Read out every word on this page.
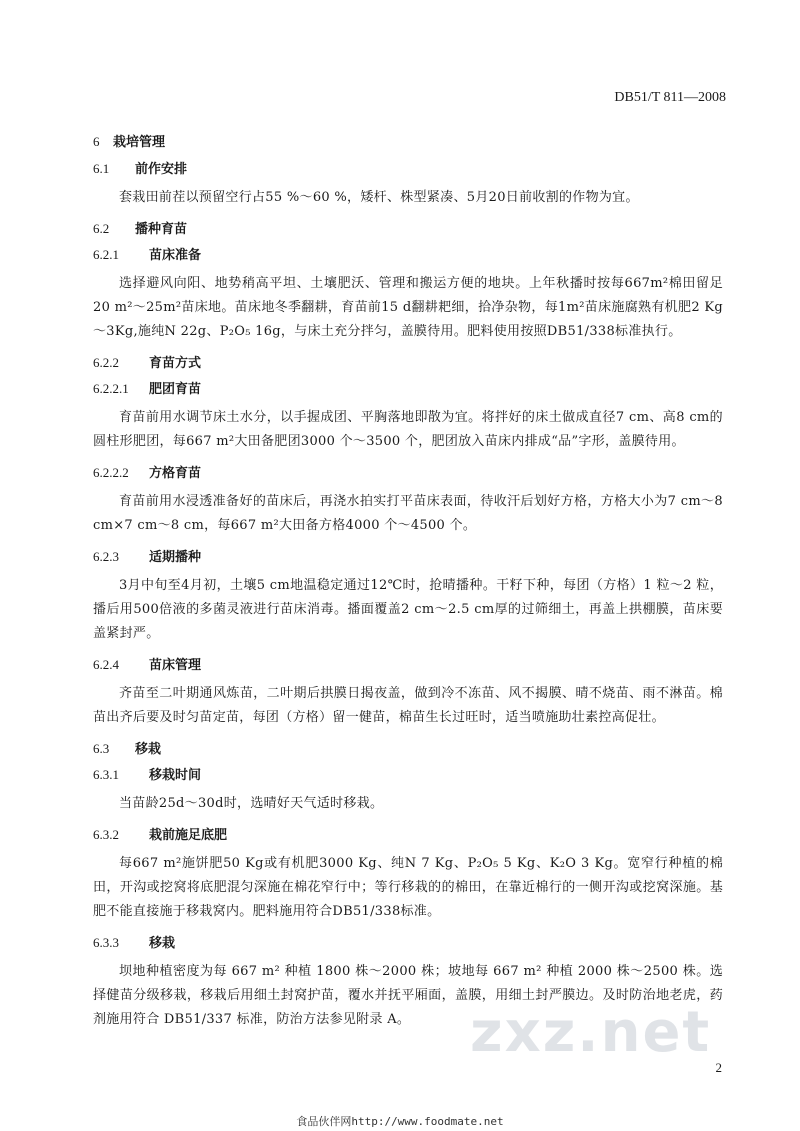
DB51/T 811—2008
6 栽培管理
6.1 前作安排

套栽田前茬以预留空行占55 %～60 %，矮杆、株型紧凑、5月20日前收割的作物为宜。

6.2 播种育苗
6.2.1 苗床准备

选择避风向阳、地势稍高平坦、土壤肥沃、管理和搬运方便的地块。上年秋播时按每667m²棉田留足20 m²～25m²苗床地。苗床地冬季翻耕，育苗前15 d翻耕耙细，拾净杂物，每1m²苗床施腐熟有机肥2 Kg～3Kg,施纯N 22g、P₂O₅ 16g，与床土充分拌匀，盖膜待用。肥料使用按照DB51/338标准执行。

6.2.2 育苗方式
6.2.2.1 肥团育苗

育苗前用水调节床土水分，以手握成团、平胸落地即散为宜。将拌好的床土做成直径7 cm、高8 cm的圆柱形肥团，每667 m²大田备肥团3000 个～3500 个，肥团放入苗床内排成“品”字形，盖膜待用。

6.2.2.2 方格育苗

育苗前用水浸透准备好的苗床后，再浇水拍实打平苗床表面，待收汗后划好方格，方格大小为7 cm～8 cm×7 cm～8 cm，每667 m²大田备方格4000 个～4500 个。

6.2.3 适期播种

3月中旬至4月初，土壤5 cm地温稳定通过12℃时，抢晴播种。干籽下种，每团（方格）1 粒～2 粒，播后用500倍液的多菌灵液进行苗床消毒。播面覆盖2 cm～2.5 cm厚的过筛细土，再盖上拱棚膜，苗床要盖紧封严。

6.2.4 苗床管理

齐苗至二叶期通风炼苗，二叶期后拱膜日揭夜盖，做到冷不冻苗、风不揭膜、晴不烧苗、雨不淋苗。棉苗出齐后要及时匀苗定苗，每团（方格）留一健苗，棉苗生长过旺时，适当喷施助壮素控高促壮。

6.3 移栽
6.3.1 移栽时间

当苗龄25d～30d时，选晴好天气适时移栽。

6.3.2 栽前施足底肥

每667 m²施饼肥50 Kg或有机肥3000 Kg、纯N 7 Kg、P₂O₅ 5 Kg、K₂O 3 Kg。宽窄行种植的棉田，开沟或挖窝将底肥混匀深施在棉花窄行中；等行移栽的的棉田，在靠近棉行的一侧开沟或挖窝深施。基肥不能直接施于移栽窝内。肥料施用符合DB51/338标准。

6.3.3 移栽

坝地种植密度为每 667 m² 种植 1800 株～2000 株；坡地每 667 m² 种植 2000 株～2500 株。选择健苗分级移栽，移栽后用细土封窝护苗，覆水并抚平厢面，盖膜，用细土封严膜边。及时防治地老虎，药剂施用符合 DB51/337 标准，防治方法参见附录 A。	zxz.net
2
食品伙伴网http://www.foodmate.net
